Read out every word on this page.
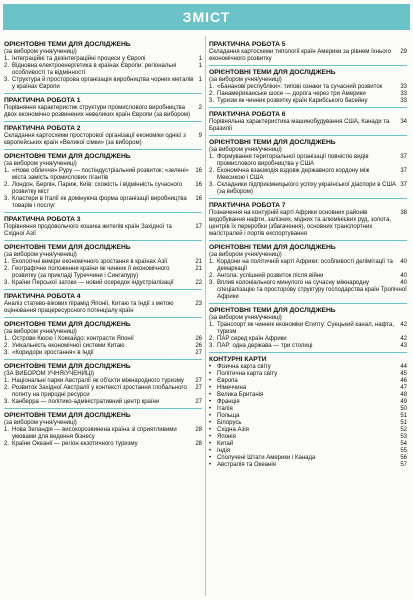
ЗМІСТ
ОРІЄНТОВНІ ТЕМИ ДЛЯ ДОСЛІДЖЕНЬ
(за вибором учня/учениці)
1.	1
Інтеграційні та дезінтеграційні процеси у Європі
2.	1
Відновна електроенергетика в країнах Європи: регіональні особливості та відмінності
3.	1
Структура й просторова організація виробництва чорних металів у країнах Європи
ПРАКТИЧНА РОБОТА 1
2
Порівняння характеристик структури промислового виробництва двох економічно розвинених невеликих країн Європи (за вибором)
ПРАКТИЧНА РОБОТА 2
9
Складання картосхеми просторової організації економіки однієї з європейських країн «Великої сімки» (за вибором)
ОРІЄНТОВНІ ТЕМИ ДЛЯ ДОСЛІДЖЕНЬ
(за вибором учня/учениці)
1.	16
«Нове обличчя» Руру — постіндустріальний розвиток: «зелені» міста замість промислових гігантів
2.	16
Лондон, Берлін, Париж, Київ: схожість і відмінність сучасного розвитку міст
3.	16
Кластери в Італії як домінуюча форма організації виробництва товарів і послуг
ПРАКТИЧНА РОБОТА 3
17
Порівняння продовольчого кошика жителів країн Західної та Східної Азії
ОРІЄНТОВНІ ТЕМИ ДЛЯ ДОСЛІДЖЕНЬ
(за вибором учня/учениці)
1.	21
Екологічні виміри економічного зростання в країнах Азії
2.	21
Географічне положення країни як чинник її економічного розвитку (за прикладі Туреччини і Сингапуру)
3.	22
Країни Перської затоки — новий осередок індустріалізації
ПРАКТИЧНА РОБОТА 4
23
Аналіз статево-вікових пірамід Японії, Китаю та Індії з метою оцінювання працересурсного потенціалу країн
ОРІЄНТОВНІ ТЕМИ ДЛЯ ДОСЛІДЖЕНЬ
(за вибором учня/учениці)
1.	26
Острови Кюсю і Хоккайдо: контрасти Японії
2.	26
Унікальність економічної системи Китаю
3.	27
«Коридори зростання» в Індії
ОРІЄНТОВНІ ТЕМИ ДЛЯ ДОСЛІДЖЕНЬ
(ЗА ВИБОРОМ УЧНЯ/УЧЕНИЦІ)
1.	27
Національні парки Австралії як об'єкти міжнародного туризму
2.	27
Розвиток Західної Австралії у контексті зростання глобального попиту на природні ресурси
3.	27
Канберра — політико-адміністративний центр країни
ОРІЄНТОВНІ ТЕМИ ДЛЯ ДОСЛІДЖЕНЬ
(за вибором учня/учениці)
1.	28
Нова Зеландія — високорозвинена країна зі сприятливими умовами для ведення бізнесу
2.	28
Країни Океанії — регіон екзотичного туризму
ПРАКТИЧНА РОБОТА 5
29
Складання картосхеми типології країн Америки за рівнем їхнього економічного розвитку
ОРІЄНТОВНІ ТЕМИ ДЛЯ ДОСЛІДЖЕНЬ
(за вибором учня/учениці)
1.	33
«Бананові республіки»: типові ознаки та сучасний розвиток
2.	33
Панамериканське шосе — дорога через три Америки
3.	33
Туризм як чинник розвитку країн Карибського басейну
ПРАКТИЧНА РОБОТА 6
34
Порівняльна характеристика машинобудування США, Канади та Бразилії
ОРІЄНТОВНІ ТЕМИ ДЛЯ ДОСЛІДЖЕНЬ
(за вибором учня/учениці)
1.	37
Формування територіальної організації повністю видів промислового виробництва у США
2.	37
Економічна взаємодія вздовж державного кордону між Мексикою і США
3.	37
Складники підприємницького успіху української діаспори в США (за вибором)
ПРАКТИЧНА РОБОТА 7
38
Позначення на контурній карті Африки основних районів видобування нафти, залізних, мідних та алюмінієвих руд, золота, центрів їх переробки (збагачення), основних транспортних магістралей і портів експортування
ОРІЄНТОВНІ ТЕМИ ДЛЯ ДОСЛІДЖЕНЬ
(за вибором учня/учениці)
1.	40
Кордони на політичній карті Африки: особливості делімітації та демаркації
2.	40
Ангола: успішний розвиток після війни
3.	40
Вплив колоніального минулого на сучасну міжнародну спеціалізацію та просторову структуру господарства країн Тропічної Африки
ОРІЄНТОВНІ ТЕМИ ДЛЯ ДОСЛІДЖЕНЬ
(за вибором учня/учениці)
1.	42
Транспорт як чинник економіки Єгипту: Суецький канал, нафта, туризм
2.	42
ПАР серед країн Африки
3.	43
ПАР: одна держава — три столиці
КОНТУРНІ КАРТИ
•	44
Фізична карта світу
•	45
Політична карта світу
•	46
Європа
•	47
Німеччина
•	48
Велика Британія
•	49
Франція
•	50
Італія
•	51
Польща
•	51
Білорусь
•	52
Східна Азія
•	53
Японія
•	54
Китай
•	55
Індія
•	56
Сполучені Штати Америки і Канада
•	57
Австралія та Океанія
